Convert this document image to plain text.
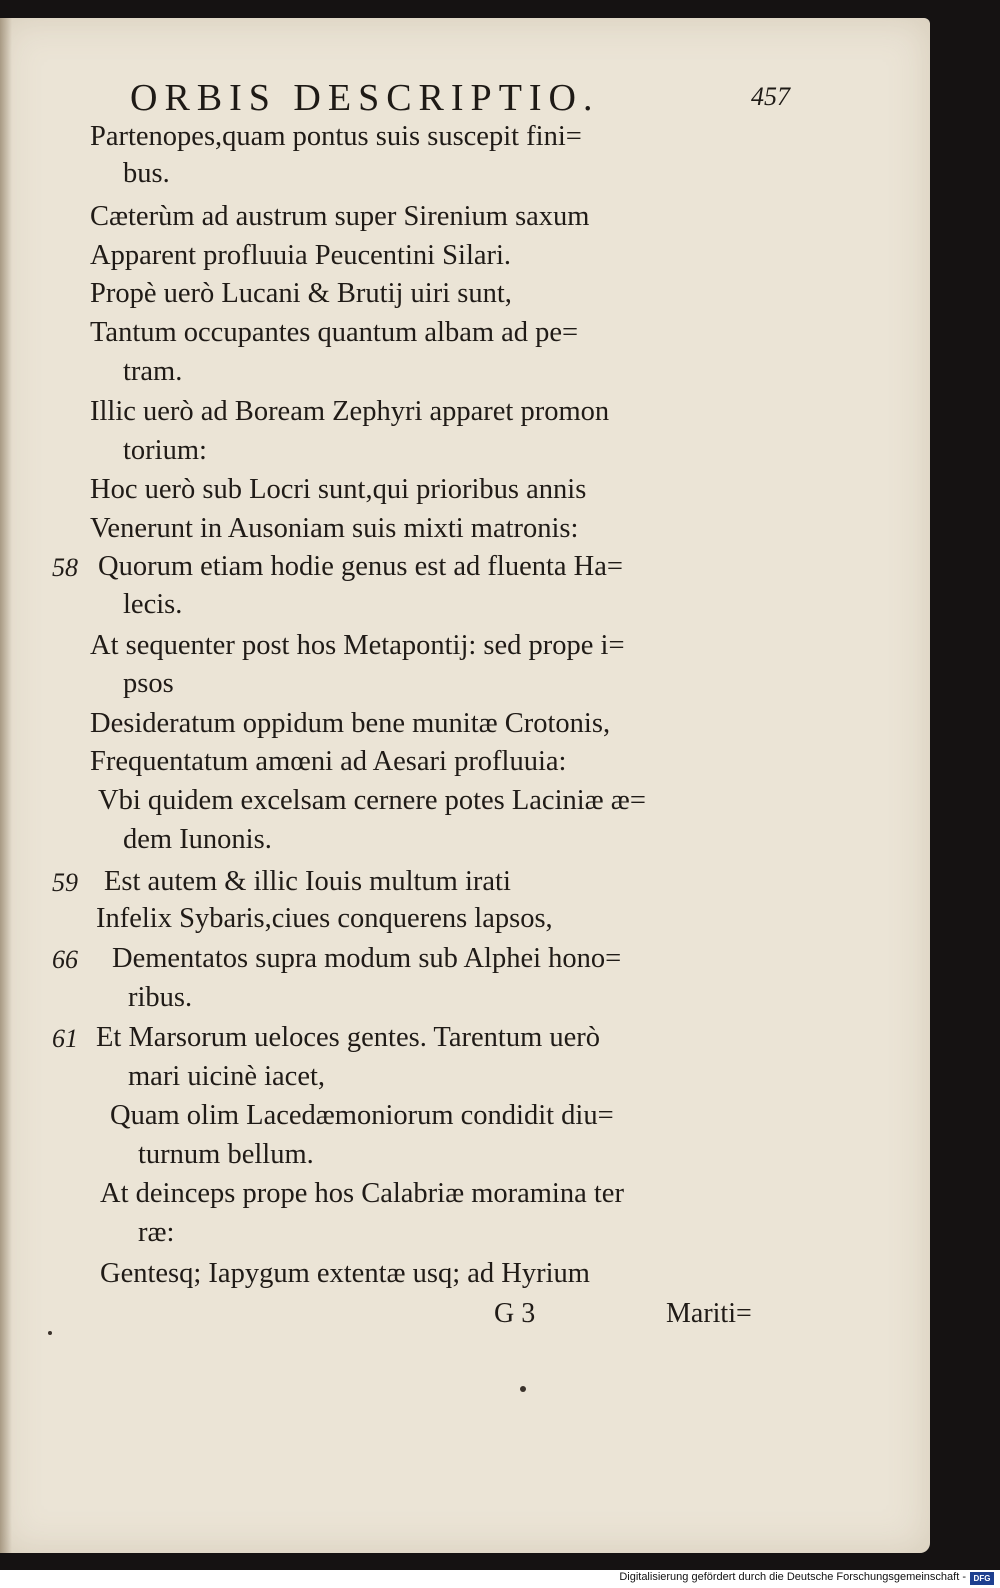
ORBIS DESCRIPTIO.	457
Partenopes,quam pontus suis suscepit fini=
bus.
Cæterùm ad austrum super Sirenium saxum
Apparent profluuia Peucentini Silari.
Propè uerò Lucani & Brutij uiri sunt,
Tantum occupantes quantum albam ad pe=
tram.
Illic uerò ad Boream Zephyri apparet promon
torium:
Hoc uerò sub Locri sunt,qui prioribus annis
Venerunt in Ausoniam suis mixti matronis:
58 Quorum etiam hodie genus est ad fluenta Ha=
lecis.
At sequenter post hos Metapontij: sed prope i=
psos
Desideratum oppidum bene munitæ Crotonis,
Frequentatum amœni ad Aesari profluuia:
Vbi quidem excelsam cernere potes Laciniæ æ=
dem Iunonis.
59 Est autem & illic Iouis multum irati
Infelix Sybaris,ciues conquerens lapsos,
66 Dementatos supra modum sub Alphei hono=
ribus.
61 Et Marsorum ueloces gentes. Tarentum uerò
mari uicinè iacet,
Quam olim Lacedæmoniorum condidit diu=
turnum bellum.
At deinceps prope hos Calabriæ moramina ter
ræ:
Gentesq; Iapygum extentæ usq; ad Hyrium
G 3	Mariti=
Digitalisierung gefördert durch die Deutsche Forschungsgemeinschaft - DFG
